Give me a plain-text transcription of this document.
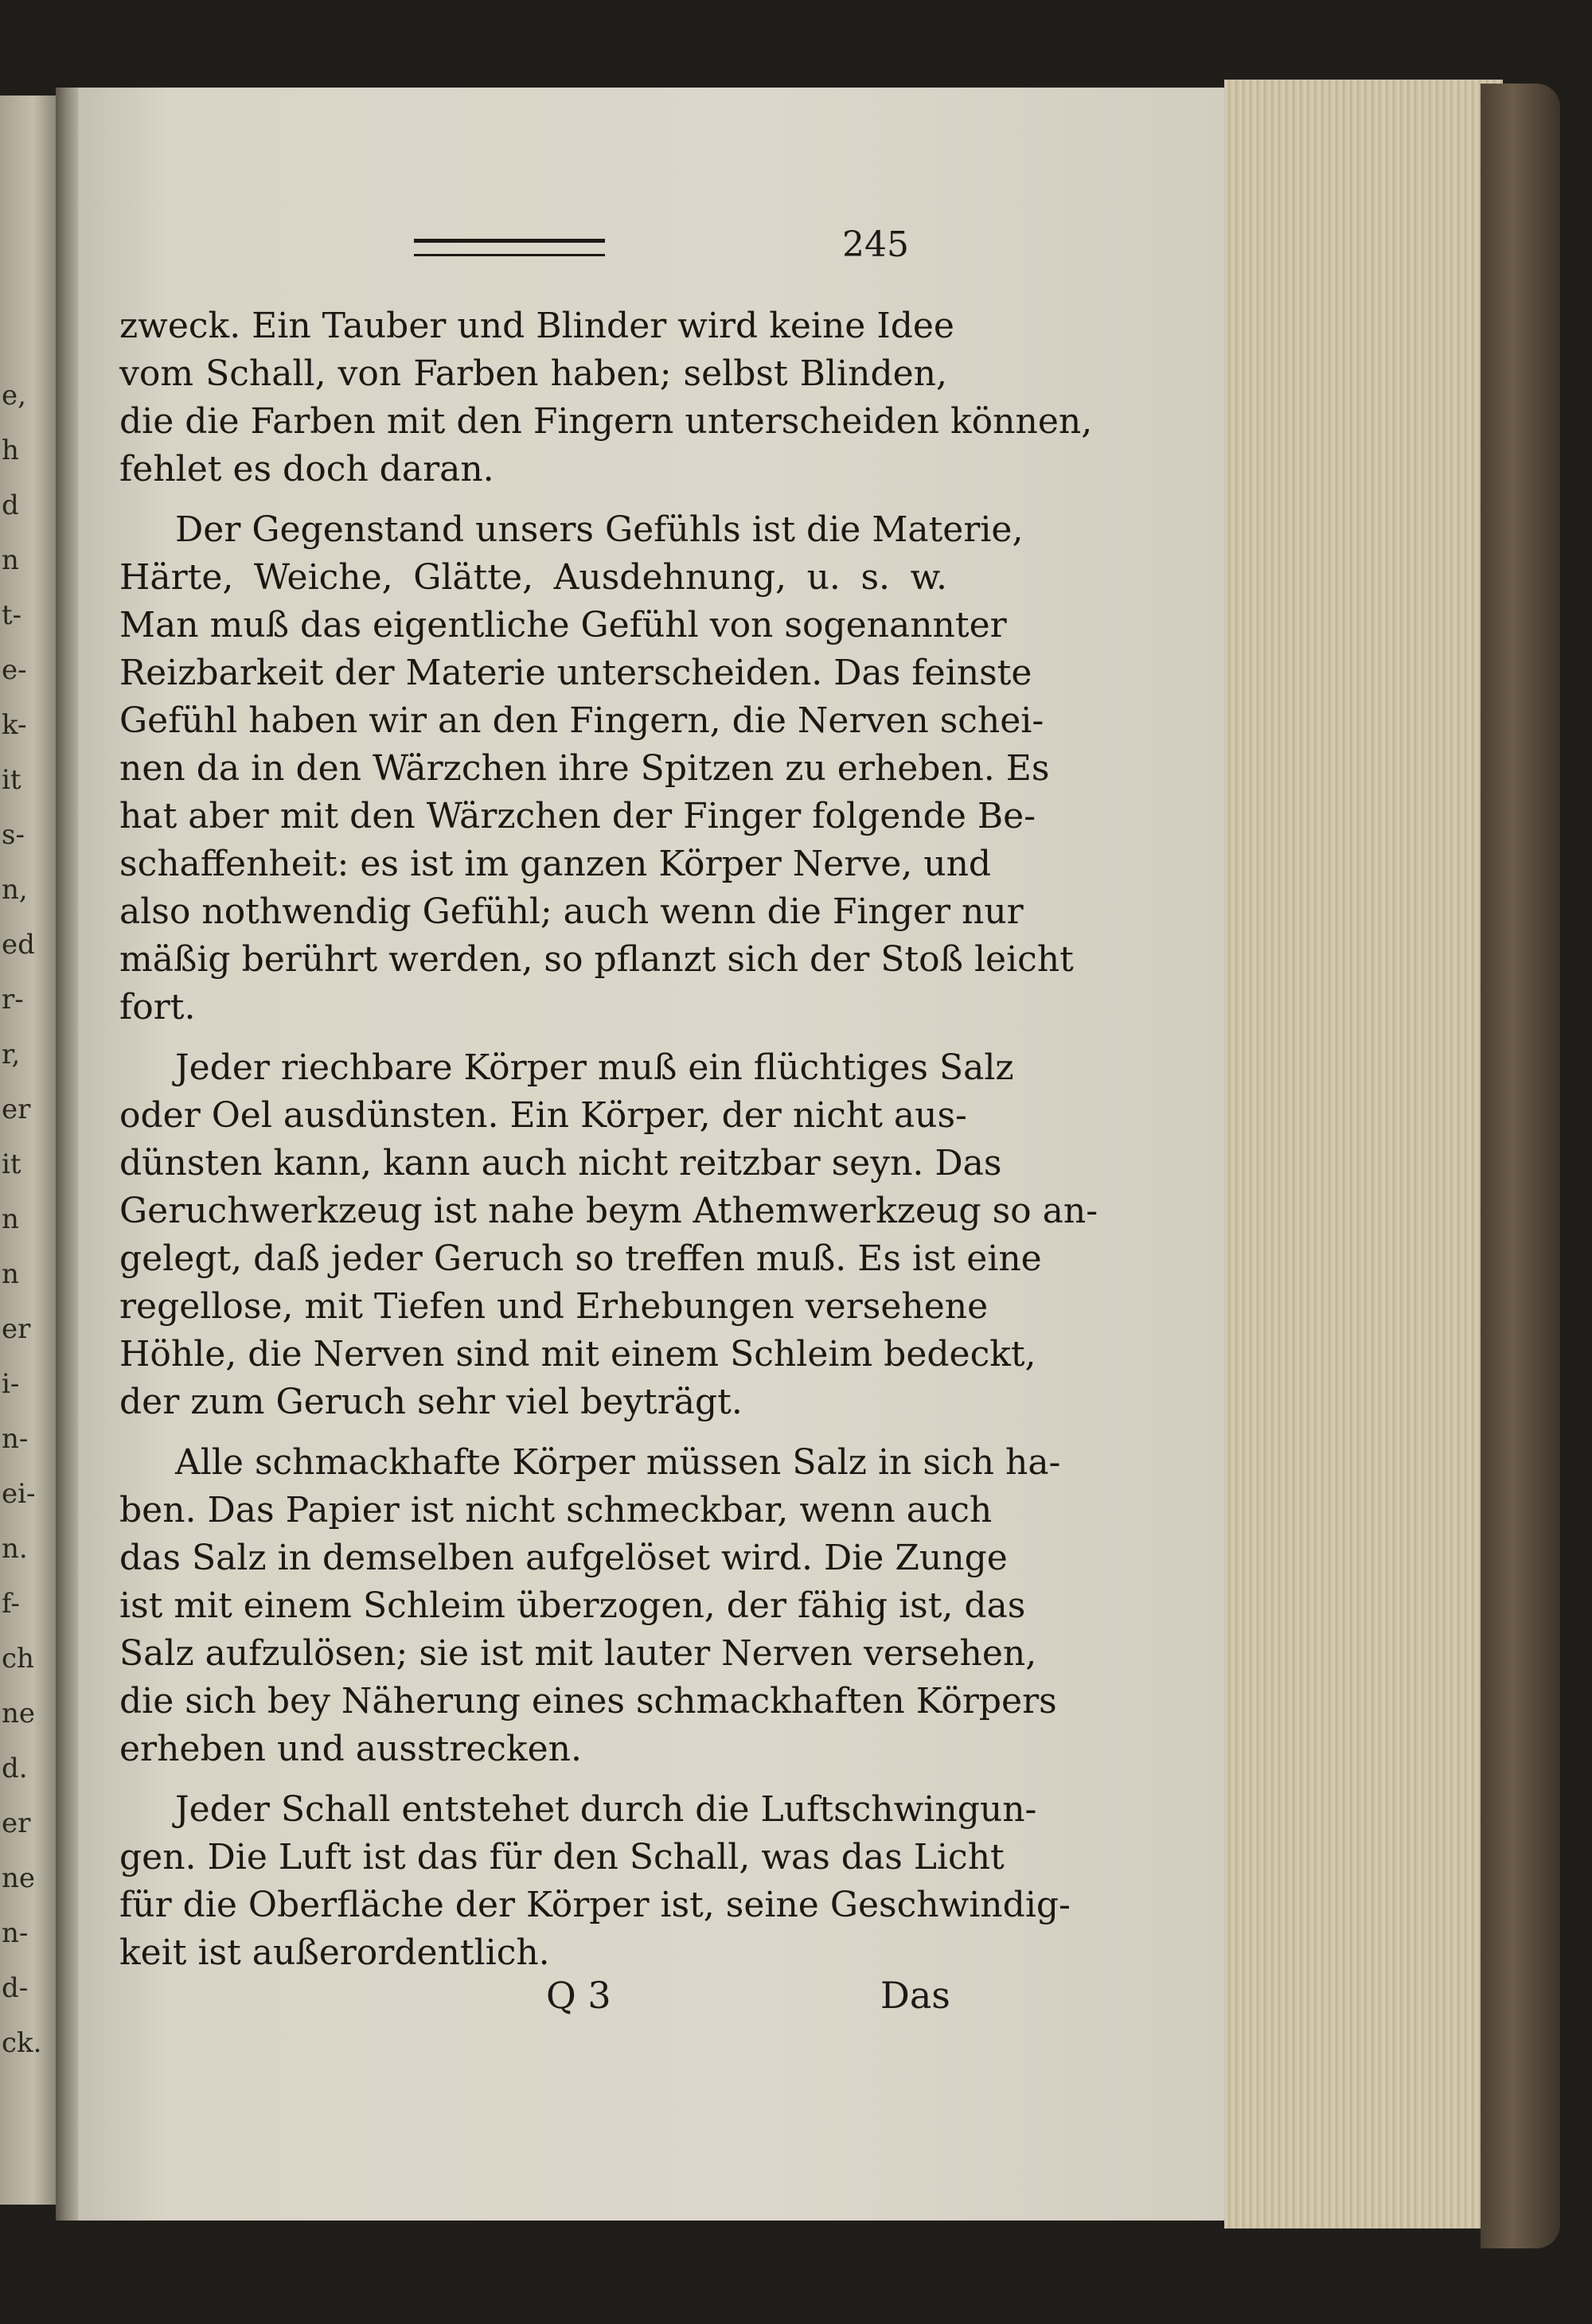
e,
h
d
n
t-
e-
k-
it
s-
n,
ed
r-
r,
er
it
n
n
er
i-
n-
ei-
n.
f-
ch
ne
d.
er
ne
n-
d-
ck.
245
zweck. Ein Tauber und Blinder wird keine Idee
vom Schall, von Farben haben; selbst Blinden,
die die Farben mit den Fingern unterscheiden können,
fehlet es doch daran.
Der Gegenstand unsers Gefühls ist die Materie,
Härte, Weiche, Glätte, Ausdehnung, u. s. w.
Man muß das eigentliche Gefühl von sogenannter
Reizbarkeit der Materie unterscheiden. Das feinste
Gefühl haben wir an den Fingern, die Nerven schei-
nen da in den Wärzchen ihre Spitzen zu erheben. Es
hat aber mit den Wärzchen der Finger folgende Be-
schaffenheit: es ist im ganzen Körper Nerve, und
also nothwendig Gefühl; auch wenn die Finger nur
mäßig berührt werden, so pflanzt sich der Stoß leicht
fort.
Jeder riechbare Körper muß ein flüchtiges Salz
oder Oel ausdünsten. Ein Körper, der nicht aus-
dünsten kann, kann auch nicht reitzbar seyn. Das
Geruchwerkzeug ist nahe beym Athemwerkzeug so an-
gelegt, daß jeder Geruch so treffen muß. Es ist eine
regellose, mit Tiefen und Erhebungen versehene
Höhle, die Nerven sind mit einem Schleim bedeckt,
der zum Geruch sehr viel beyträgt.
Alle schmackhafte Körper müssen Salz in sich ha-
ben. Das Papier ist nicht schmeckbar, wenn auch
das Salz in demselben aufgelöset wird. Die Zunge
ist mit einem Schleim überzogen, der fähig ist, das
Salz aufzulösen; sie ist mit lauter Nerven versehen,
die sich bey Näherung eines schmackhaften Körpers
erheben und ausstrecken.
Jeder Schall entstehet durch die Luftschwingun-
gen. Die Luft ist das für den Schall, was das Licht
für die Oberfläche der Körper ist, seine Geschwindig-
keit ist außerordentlich.
Q 3	Das
